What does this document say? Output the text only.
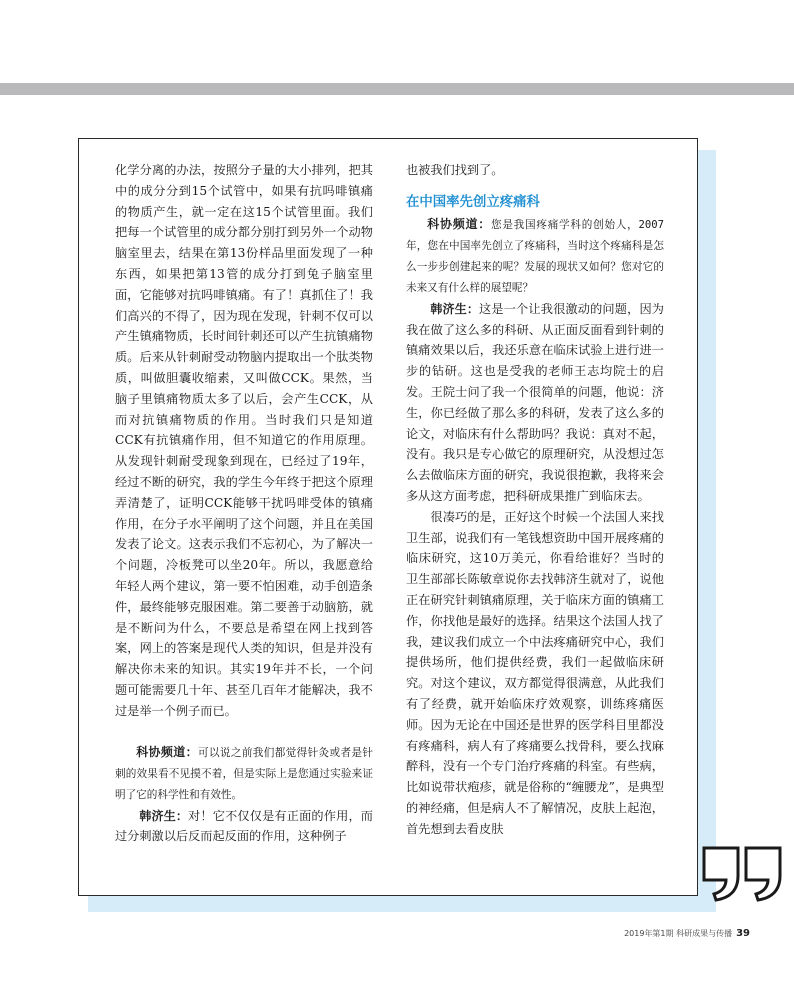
化学分离的办法，按照分子量的大小排列，把其中的成分分到15个试管中，如果有抗吗啡镇痛的物质产生，就一定在这15个试管里面。我们把每一个试管里的成分都分别打到另外一个动物脑室里去，结果在第13份样品里面发现了一种东西，如果把第13管的成分打到兔子脑室里面，它能够对抗吗啡镇痛。有了！真抓住了！我们高兴的不得了，因为现在发现，针刺不仅可以产生镇痛物质，长时间针刺还可以产生抗镇痛物质。后来从针刺耐受动物脑内提取出一个肽类物质，叫做胆囊收缩素，又叫做CCK。果然，当脑子里镇痛物质太多了以后，会产生CCK，从而对抗镇痛物质的作用。当时我们只是知道CCK有抗镇痛作用，但不知道它的作用原理。从发现针刺耐受现象到现在，已经过了19年，经过不断的研究，我的学生今年终于把这个原理弄清楚了，证明CCK能够干扰吗啡受体的镇痛作用，在分子水平阐明了这个问题，并且在美国发表了论文。这表示我们不忘初心，为了解决一个问题，冷板凳可以坐20年。所以，我愿意给年轻人两个建议，第一要不怕困难，动手创造条件，最终能够克服困难。第二要善于动脑筋，就是不断问为什么，不要总是希望在网上找到答案，网上的答案是现代人类的知识，但是并没有解决你未来的知识。其实19年并不长，一个问题可能需要几十年、甚至几百年才能解决，我不过是举一个例子而已。

科协频道：可以说之前我们都觉得针灸或者是针刺的效果看不见摸不着，但是实际上是您通过实验来证明了它的科学性和有效性。

韩济生：对！它不仅仅是有正面的作用，而过分刺激以后反而起反面的作用，这种例子

也被我们找到了。

在中国率先创立疼痛科

科协频道：您是我国疼痛学科的创始人，2007年，您在中国率先创立了疼痛科，当时这个疼痛科是怎么一步步创建起来的呢？发展的现状又如何？您对它的未来又有什么样的展望呢？

韩济生：这是一个让我很激动的问题，因为我在做了这么多的科研、从正面反面看到针刺的镇痛效果以后，我还乐意在临床试验上进行进一步的钻研。这也是受我的老师王志均院士的启发。王院士问了我一个很简单的问题，他说：济生，你已经做了那么多的科研，发表了这么多的论文，对临床有什么帮助吗？我说：真对不起，没有。我只是专心做它的原理研究，从没想过怎么去做临床方面的研究，我说很抱歉，我将来会多从这方面考虑，把科研成果推广到临床去。

很凑巧的是，正好这个时候一个法国人来找卫生部，说我们有一笔钱想资助中国开展疼痛的临床研究，这10万美元，你看给谁好？当时的卫生部部长陈敏章说你去找韩济生就对了，说他正在研究针刺镇痛原理，关于临床方面的镇痛工作，你找他是最好的选择。结果这个法国人找了我，建议我们成立一个中法疼痛研究中心，我们提供场所，他们提供经费，我们一起做临床研究。对这个建议，双方都觉得很满意，从此我们有了经费，就开始临床疗效观察，训练疼痛医师。因为无论在中国还是世界的医学科目里都没有疼痛科，病人有了疼痛要么找骨科，要么找麻醉科，没有一个专门治疗疼痛的科室。有些病，比如说带状疱疹，就是俗称的“缠腰龙”，是典型的神经痛，但是病人不了解情况，皮肤上起泡，首先想到去看皮肤

2019年第1期 科研成果与传播 39
